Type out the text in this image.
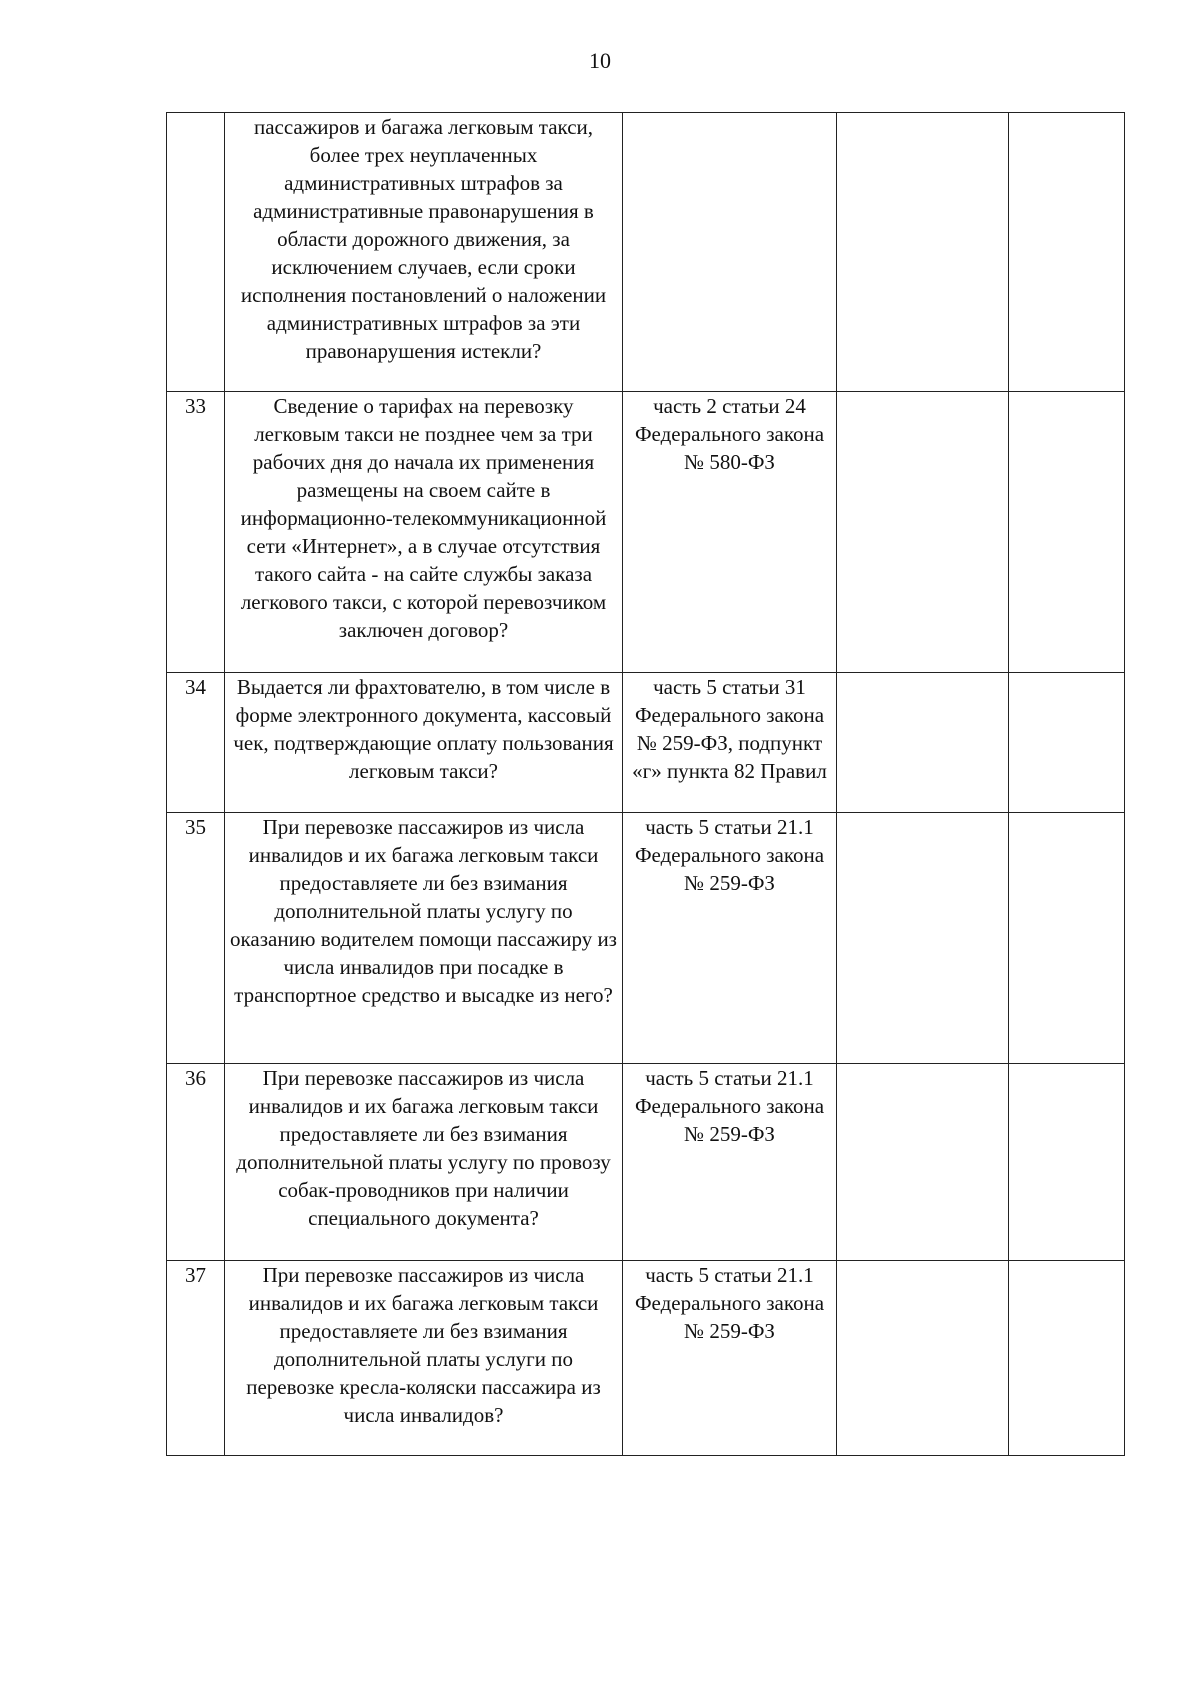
10
	пассажиров и багажа легковым такси, более трех неуплаченных административных штрафов за административные правонарушения в области дорожного движения, за исключением случаев, если сроки исполнения постановлений о наложении административных штрафов за эти правонарушения истекли?			
33	Сведение о тарифах на перевозку легковым такси не позднее чем за три рабочих дня до начала их применения размещены на своем сайте в информационно-телекоммуникационной сети «Интернет», а в случае отсутствия такого сайта - на сайте службы заказа легкового такси, с которой перевозчиком заключен договор?	часть 2 статьи 24 Федерального закона № 580-ФЗ		
34	Выдается ли фрахтователю, в том числе в форме электронного документа, кассовый чек, подтверждающие оплату пользования легковым такси?	часть 5 статьи 31 Федерального закона № 259-ФЗ, подпункт «г» пункта 82 Правил		
35	При перевозке пассажиров из числа инвалидов и их багажа легковым такси предоставляете ли без взимания дополнительной платы услугу по оказанию водителем помощи пассажиру из числа инвалидов при посадке в транспортное средство и высадке из него?	часть 5 статьи 21.1 Федерального закона № 259-ФЗ		
36	При перевозке пассажиров из числа инвалидов и их багажа легковым такси предоставляете ли без взимания дополнительной платы услугу по провозу собак-проводников при наличии специального документа?	часть 5 статьи 21.1 Федерального закона № 259-ФЗ		
37	При перевозке пассажиров из числа инвалидов и их багажа легковым такси предоставляете ли без взимания дополнительной платы услуги по перевозке кресла-коляски пассажира из числа инвалидов?	часть 5 статьи 21.1 Федерального закона № 259-ФЗ		
